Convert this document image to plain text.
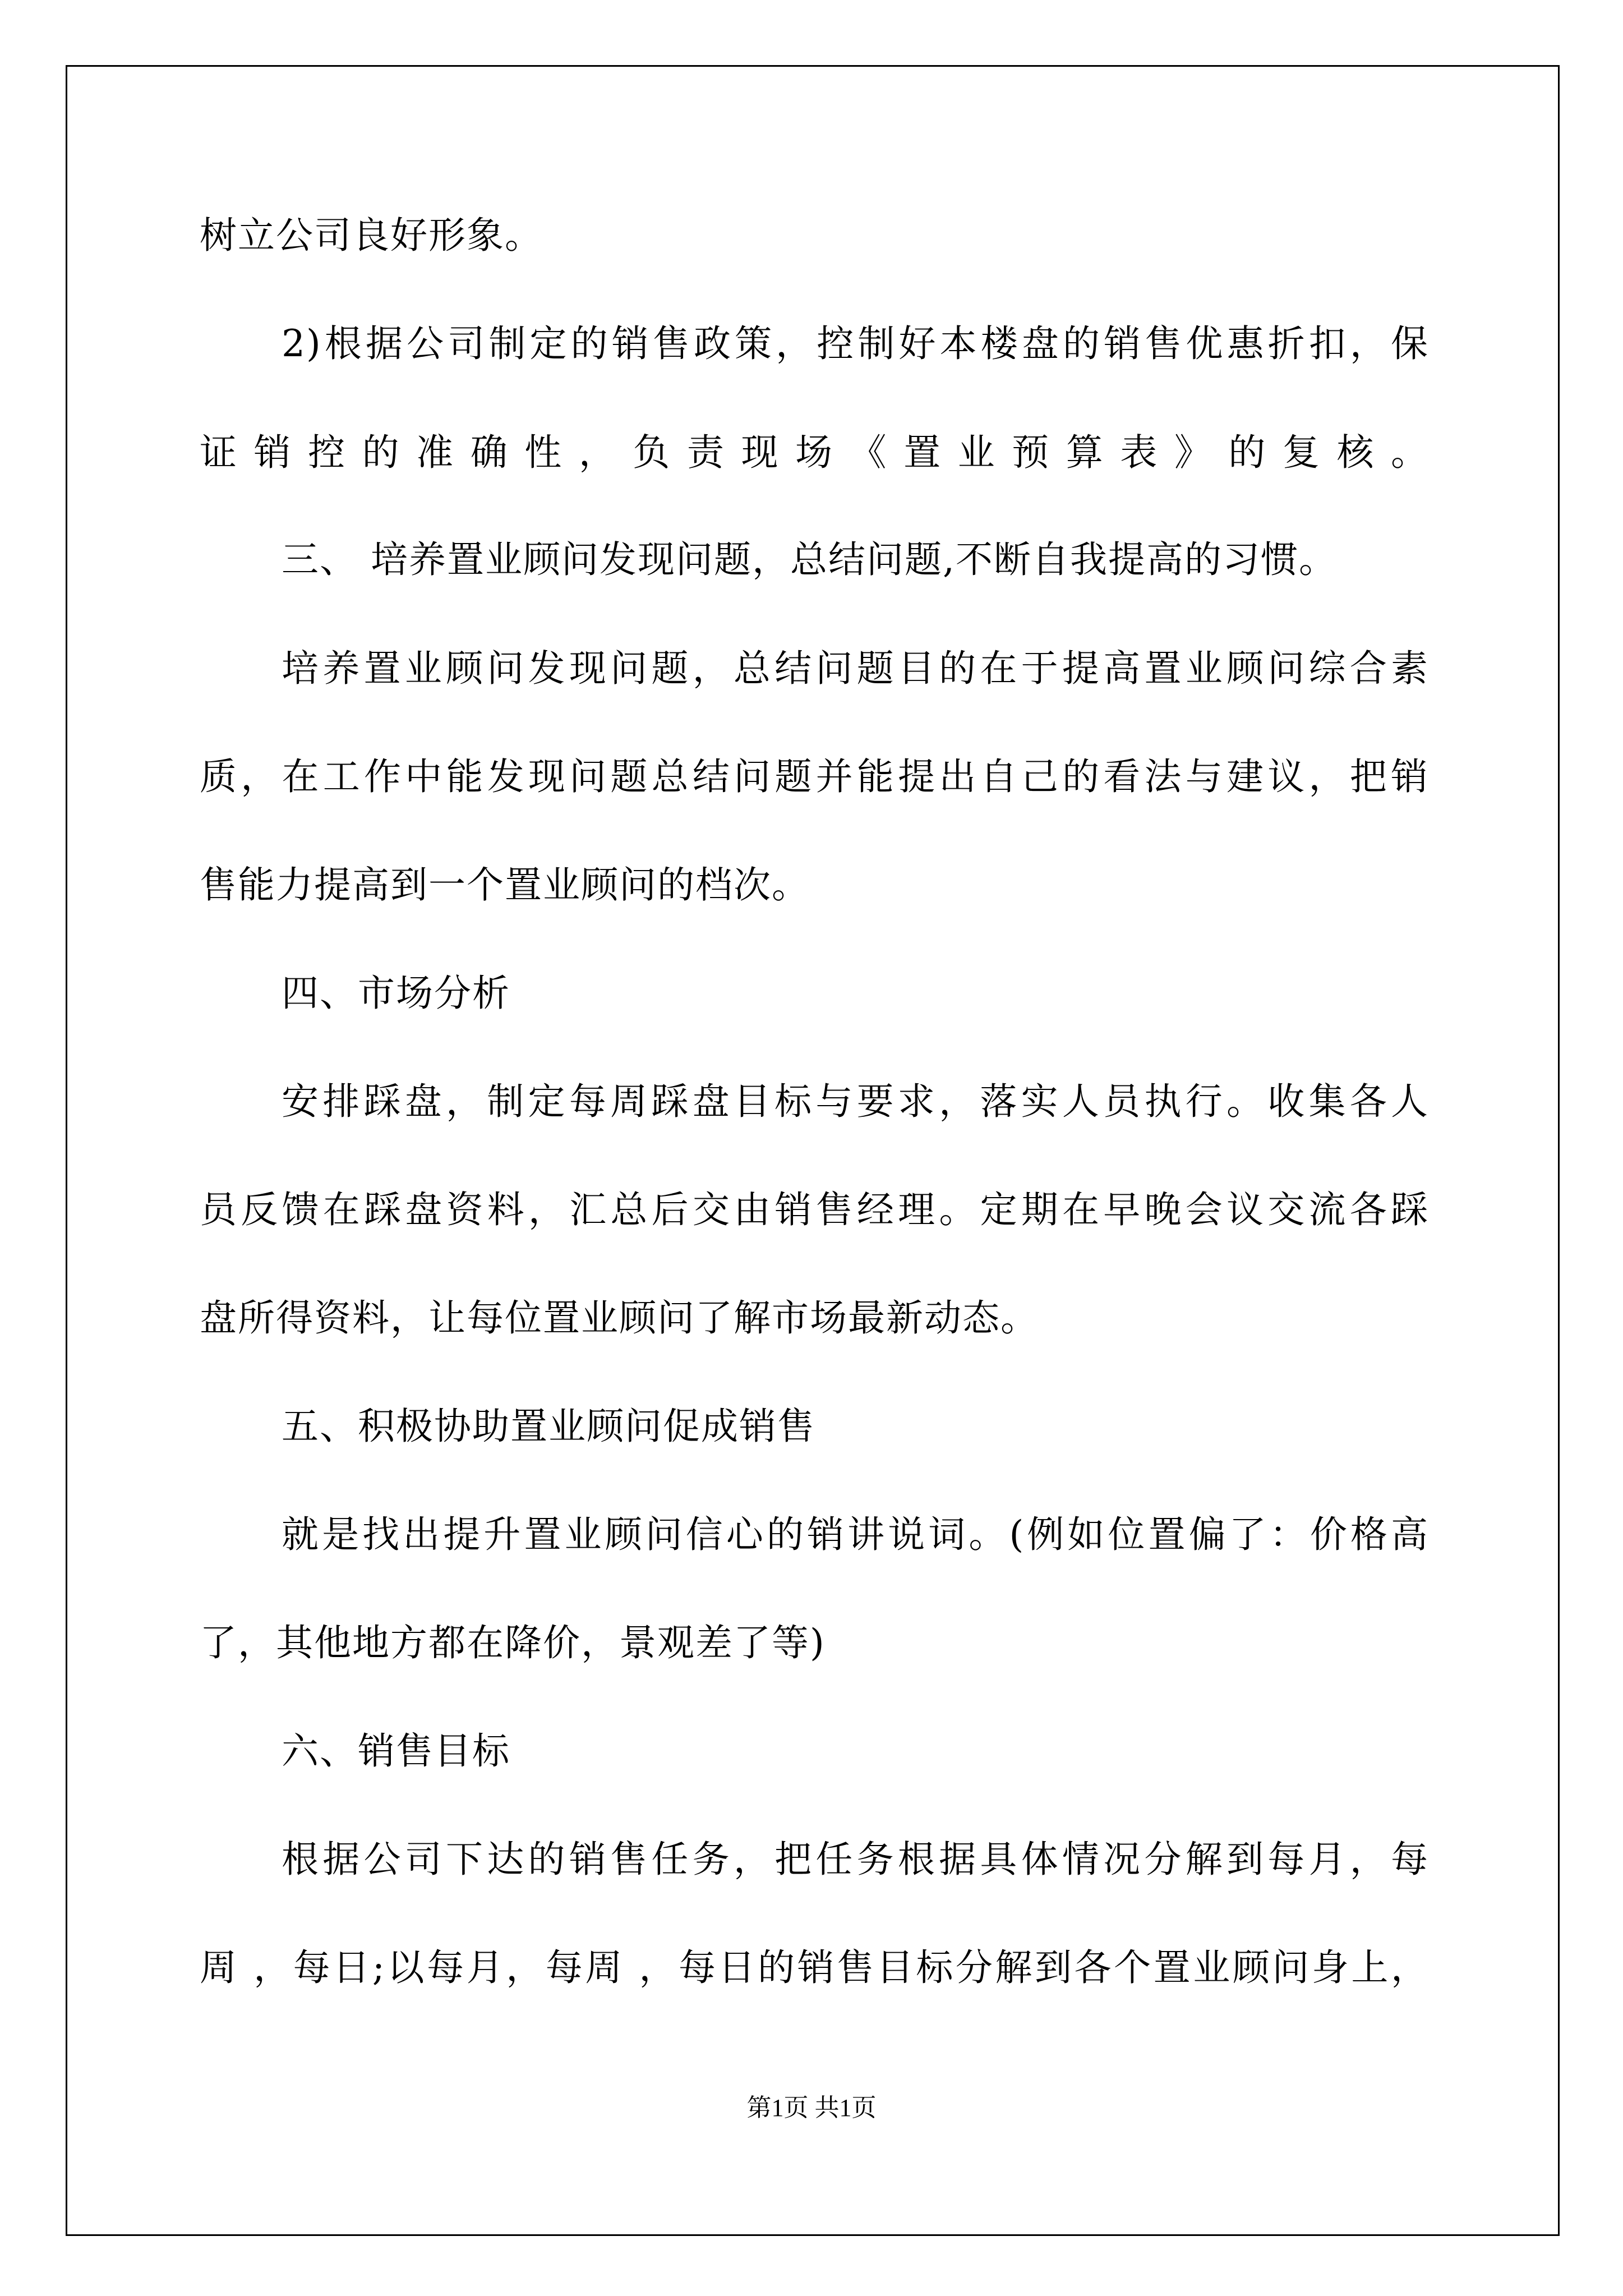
树立公司良好形象。

2)根据公司制定的销售政策，控制好本楼盘的销售优惠折扣，保

证销控的准确性，负责现场《置业预算表》的复核。

三、 培养置业顾问发现问题，总结问题,不断自我提高的习惯。

培养置业顾问发现问题，总结问题目的在于提高置业顾问综合素

质，在工作中能发现问题总结问题并能提出自己的看法与建议，把销

售能力提高到一个置业顾问的档次。

四、市场分析

安排踩盘，制定每周踩盘目标与要求，落实人员执行。收集各人

员反馈在踩盘资料，汇总后交由销售经理。定期在早晚会议交流各踩

盘所得资料，让每位置业顾问了解市场最新动态。

五、积极协助置业顾问促成销售

就是找出提升置业顾问信心的销讲说词。(例如位置偏了：价格高

了，其他地方都在降价，景观差了等)

六、销售目标

根据公司下达的销售任务，把任务根据具体情况分解到每月，每

周 ，每日;以每月，每周 ，每日的销售目标分解到各个置业顾问身上，

第1页 共1页
